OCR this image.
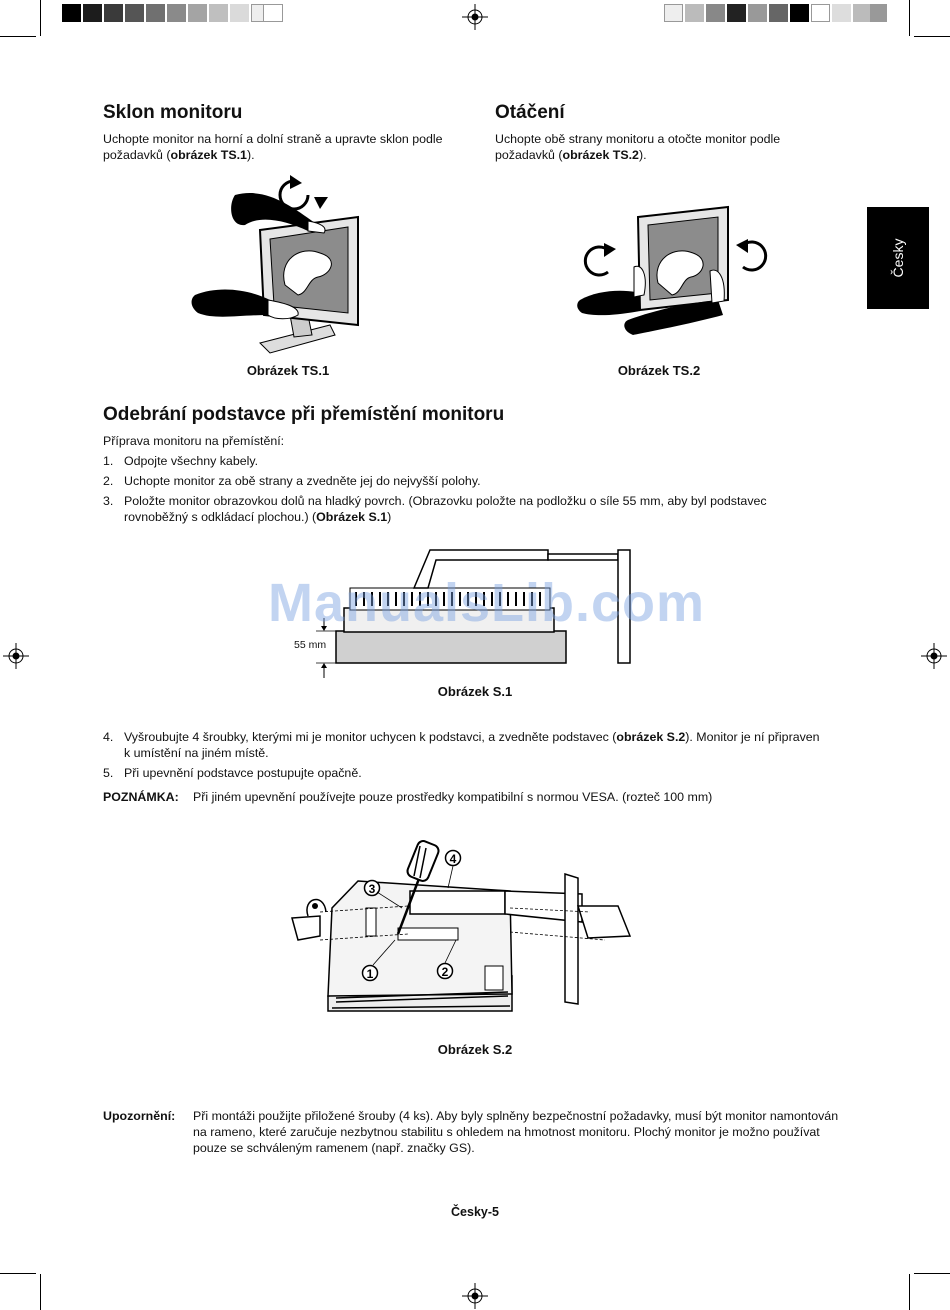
Česky
Sklon monitoru

Uchopte monitor na horní a dolní straně a upravte sklon podle požadavků (obrázek TS.1).

Otáčení

Uchopte obě strany monitoru a otočte monitor podle požadavků (obrázek TS.2).

Obrázek TS.1	Obrázek TS.2
Odebrání podstavce při přemístění monitoru

Příprava monitoru na přemístění:

1. Odpojte všechny kabely.
2. Uchopte monitor za obě strany a zvedněte jej do nejvyšší polohy.
3. Položte monitor obrazovkou dolů na hladký povrch. (Obrazovku položte na podložku o síle 55 mm, aby byl podstavec rovnoběžný s odkládací plochou.) (Obrázek S.1)
55 mm
ManualsLib.com
Obrázek S.1
4. Vyšroubujte 4 šroubky, kterými mi je monitor uchycen k podstavci, a zvedněte podstavec (obrázek S.2). Monitor je ní připraven k umístění na jiném místě.
5. Při upevnění podstavce postupujte opačně.
POZNÁMKA: Při jiném upevnění používejte pouze prostředky kompatibilní s normou VESA. (rozteč 100 mm)
3
4
1	2
Obrázek S.2
Upozornění: Při montáži použijte přiložené šrouby (4 ks). Aby byly splněny bezpečnostní požadavky, musí být monitor namontován na rameno, které zaručuje nezbytnou stabilitu s ohledem na hmotnost monitoru. Plochý monitor je možno používat pouze se schváleným ramenem (např. značky GS).
Česky-5
